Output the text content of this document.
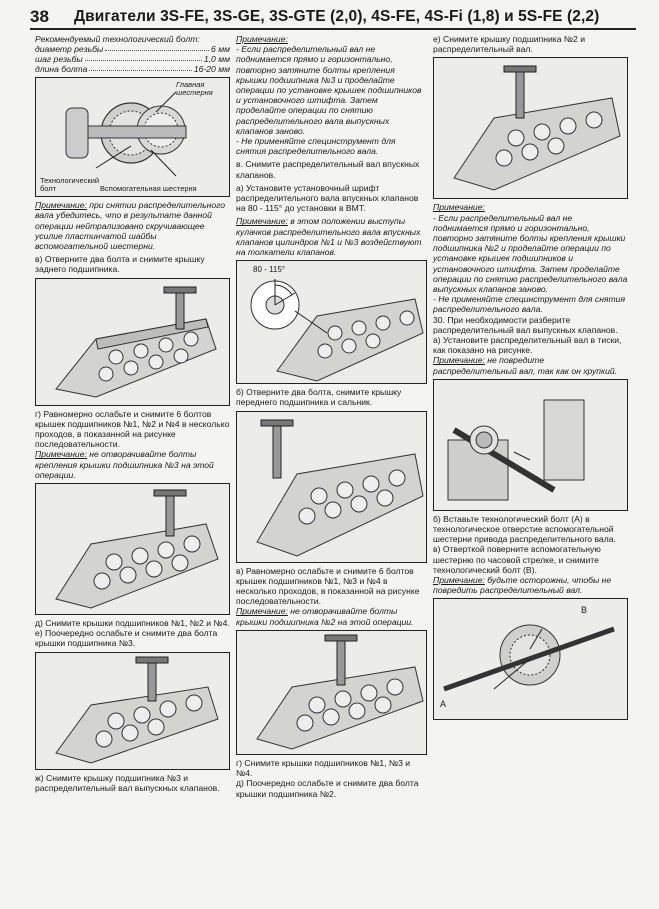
38 Двигатели 3S-FE, 3S-GE, 3S-GTE (2,0), 4S-FE, 4S-Fi (1,8) и 5S-FE (2,2)
Рекомендуемый технологический болт:
диаметр резьбы	6 мм
шаг резьбы	1,0 мм
длина болта	16-20 мм
Главная шестерня
Технологический болт	Вспомогательная шестерня
Примечание: при снятии распределительного вала убедитесь, что в результате данной операции нейтрализовано скручивающее усилие пластинчатой шайбы вспомогательной шестерни.
в) Отверните два болта и снимите крышку заднего подшипника.
г) Равномерно ослабьте и снимите 6 болтов крышек подшипников №1, №2 и №4 в несколько проходов, в показанной на рисунке последовательности.
Примечание: не отворачивайте болты крепления крышки подшипника №3 на этой операции.
д) Снимите крышки подшипников №1, №2 и №4.
е) Поочередно ослабьте и снимите два болта крышки подшипника №3.
ж) Снимите крышку подшипника №3 и распределительный вал выпускных клапанов.
Примечание:
- Если распределительный вал не поднимается прямо и горизонтально, повторно затяните болты крепления крышки подшипника №3 и проделайте операции по установке крышек подшипников и установочного штифта. Затем проделайте операции по снятию распределительного вала выпускных клапанов заново.
- Не применяйте специнструмент для снятия распределительного вала.
в. Снимите распределительный вал впускных клапанов.
а) Установите установочный шрифт распределительного вала впускных клапанов на 80 - 115° до установки в ВМТ.
Примечание: в этом положении выступы кулачков распределительного вала впускных клапанов цилиндров №1 и №3 воздействуют на толкатели клапанов.
80 - 115°
б) Отверните два болта, снимите крышку переднего подшипника и сальник.
в) Равномерно ослабьте и снимите 6 болтов крышек подшипников №1, №3 и №4 в несколько проходов, в показанной на рисунке последовательности.
Примечание: не отворачивайте болты крышки подшипника №2 на этой операции.
г) Снимите крышки подшипников №1, №3 и №4.
д) Поочередно ослабьте и снимите два болта крышки подшипника №2.
е) Снимите крышку подшипника №2 и распределительный вал.
Примечание:
- Если распределительный вал не поднимается прямо и горизонтально, повторно затяните болты крепления крышки подшипника №2 и проделайте операции по установке крышек подшипников и установочного штифта. Затем проделайте операции по снятию распределительного вала выпускных клапанов заново.
- Не применяйте специнструмент для снятия распределительного вала.
30. При необходимости разберите распределительный вал выпускных клапанов.
а) Установите распределительный вал в тиски, как показано на рисунке.
Примечание: не повредите распределительный вал, так как он хрупкий.
б) Вставьте технологический болт (А) в технологическое отверстие вспомогательной шестерни привода распределительного вала.
в) Отверткой поверните вспомогательную шестерню по часовой стрелке, и снимите технологический болт (В).
Примечание: будьте осторожны, чтобы не повредить распределительный вал.
A
B
